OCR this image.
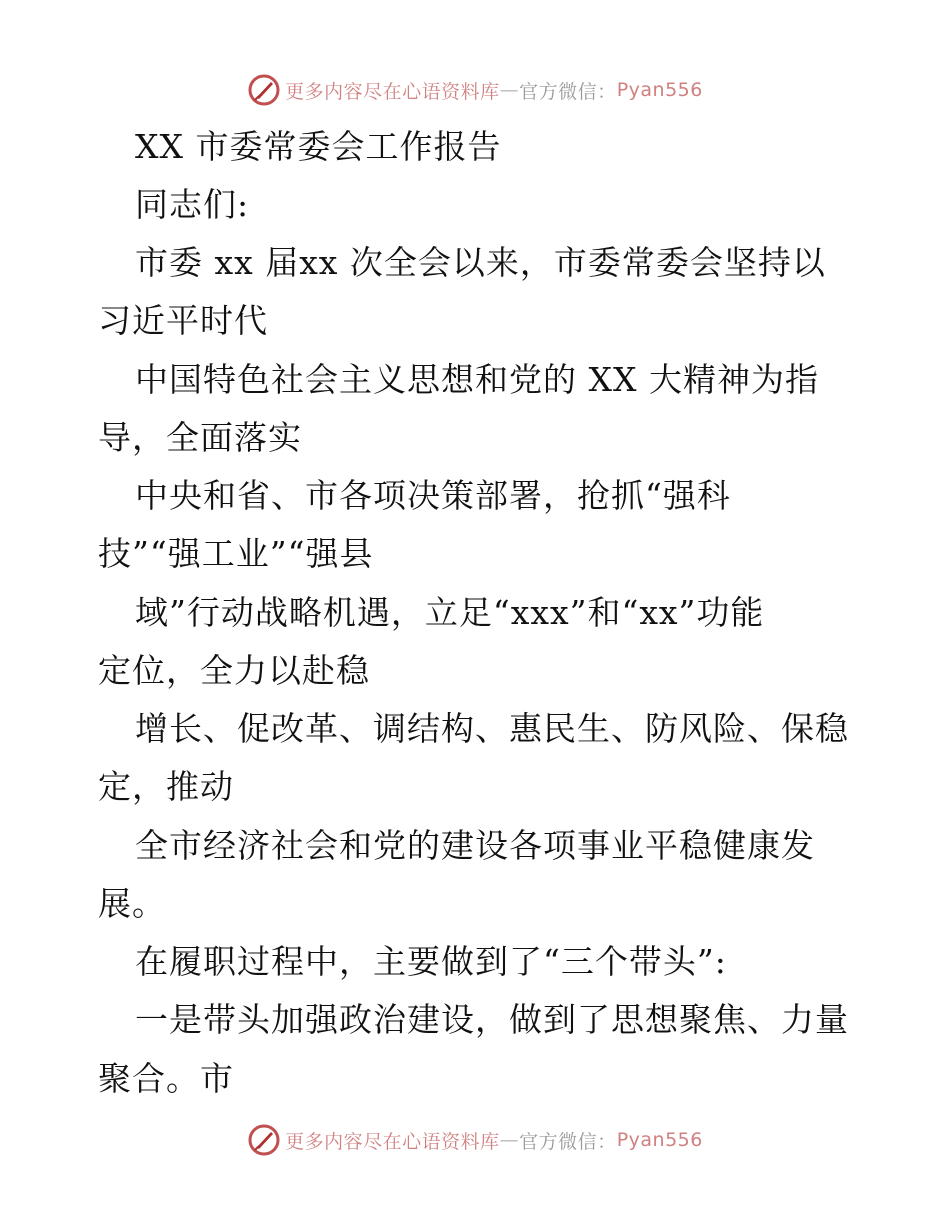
更多内容尽在心语资料库 — 官方微信： Pyan556
XX 市委常委会工作报告
同志们:
市委 xx 届xx 次全会以来，市委常委会坚持以
习近平时代
中国特色社会主义思想和党的 XX 大精神为指
导，全面落实
中央和省、市各项决策部署，抢抓“强科
技”“强工业”“强县
域”行动战略机遇，立足“xxx”和“xx”功能
定位，全力以赴稳
增长、促改革、调结构、惠民生、防风险、保稳
定，推动
全市经济社会和党的建设各项事业平稳健康发
展。
在履职过程中，主要做到了“三个带头”:
一是带头加强政治建设，做到了思想聚焦、力量
聚合。市
更多内容尽在心语资料库 — 官方微信： Pyan556
